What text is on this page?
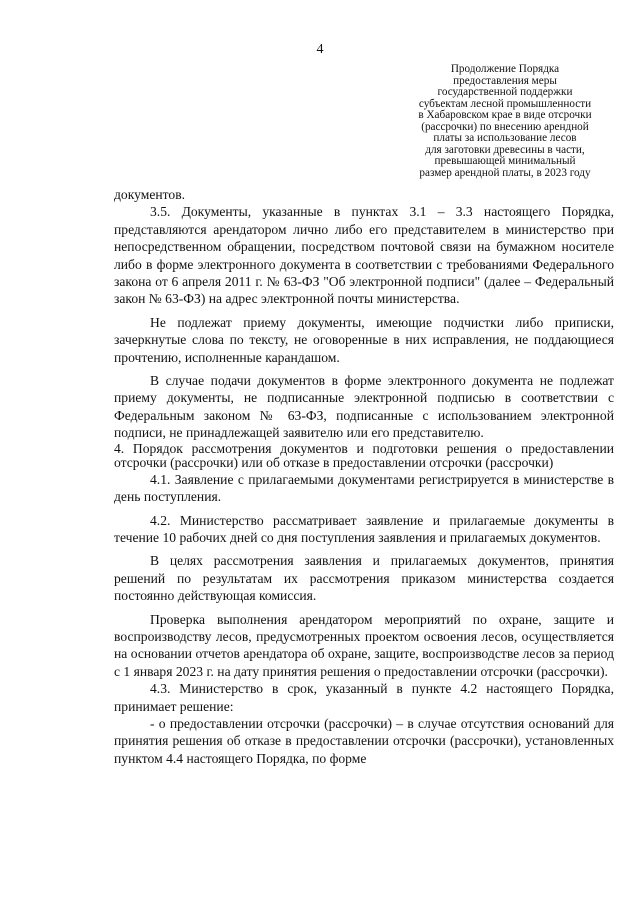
4
Продолжение Порядка
предоставления меры
государственной поддержки
субъектам лесной промышленности
в Хабаровском крае в виде отсрочки
(рассрочки) по внесению арендной
платы за использование лесов
для заготовки древесины в части,
превышающей минимальный
размер арендной платы, в 2023 году

документов.

3.5. Документы, указанные в пунктах 3.1 – 3.3 настоящего Порядка, представляются арендатором лично либо его представителем в министерство при непосредственном обращении, посредством почтовой связи на бумажном носителе либо в форме электронного документа в соответствии с требованиями Федерального закона от 6 апреля 2011 г. № 63-ФЗ "Об электронной подписи" (далее – Федеральный закон № 63-ФЗ) на адрес электронной почты министерства.

Не подлежат приему документы, имеющие подчистки либо приписки, зачеркнутые слова по тексту, не оговоренные в них исправления, не поддающиеся прочтению, исполненные карандашом.

В случае подачи документов в форме электронного документа не подлежат приему документы, не подписанные электронной подписью в соответствии с Федеральным законом № 63-ФЗ, подписанные с использованием электронной подписи, не принадлежащей заявителю или его представителю.

4. Порядок рассмотрения документов и подготовки решения о предоставлении отсрочки (рассрочки) или об отказе в предоставлении отсрочки (рассрочки)

4.1. Заявление с прилагаемыми документами регистрируется в министерстве в день поступления.

4.2. Министерство рассматривает заявление и прилагаемые документы в течение 10 рабочих дней со дня поступления заявления и прилагаемых документов.

В целях рассмотрения заявления и прилагаемых документов, принятия решений по результатам их рассмотрения приказом министерства создается постоянно действующая комиссия.

Проверка выполнения арендатором мероприятий по охране, защите и воспроизводству лесов, предусмотренных проектом освоения лесов, осуществляется на основании отчетов арендатора об охране, защите, воспроизводстве лесов за период с 1 января 2023 г. на дату принятия решения о предоставлении отсрочки (рассрочки).

4.3. Министерство в срок, указанный в пункте 4.2 настоящего Порядка, принимает решение:

- о предоставлении отсрочки (рассрочки) – в случае отсутствия оснований для принятия решения об отказе в предоставлении отсрочки (рассрочки), установленных пунктом 4.4 настоящего Порядка, по форме
